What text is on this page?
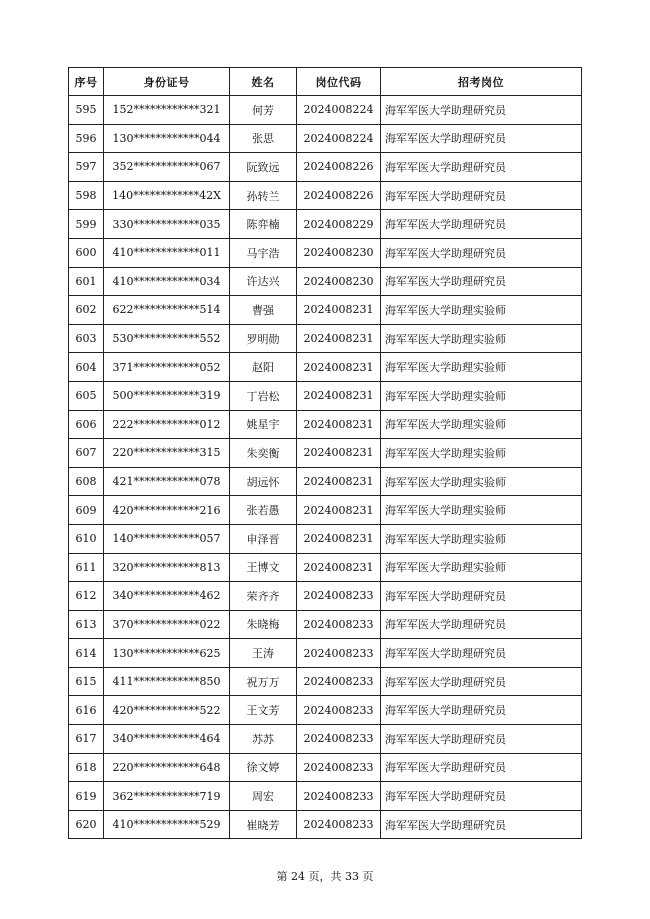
序号	身份证号	姓名	岗位代码	招考岗位
595	152************321	何芳	2024008224	海军军医大学助理研究员
596	130************044	张思	2024008224	海军军医大学助理研究员
597	352************067	阮致远	2024008226	海军军医大学助理研究员
598	140************42X	孙转兰	2024008226	海军军医大学助理研究员
599	330************035	陈弈楠	2024008229	海军军医大学助理研究员
600	410************011	马宇浩	2024008230	海军军医大学助理研究员
601	410************034	许达兴	2024008230	海军军医大学助理研究员
602	622************514	曹强	2024008231	海军军医大学助理实验师
603	530************552	罗明勋	2024008231	海军军医大学助理实验师
604	371************052	赵阳	2024008231	海军军医大学助理实验师
605	500************319	丁岩松	2024008231	海军军医大学助理实验师
606	222************012	姚星宇	2024008231	海军军医大学助理实验师
607	220************315	朱奕衡	2024008231	海军军医大学助理实验师
608	421************078	胡远怀	2024008231	海军军医大学助理实验师
609	420************216	张若愚	2024008231	海军军医大学助理实验师
610	140************057	申泽晋	2024008231	海军军医大学助理实验师
611	320************813	王博文	2024008231	海军军医大学助理实验师
612	340************462	荣齐齐	2024008233	海军军医大学助理研究员
613	370************022	朱晓梅	2024008233	海军军医大学助理研究员
614	130************625	王涛	2024008233	海军军医大学助理研究员
615	411************850	祝万万	2024008233	海军军医大学助理研究员
616	420************522	王文芳	2024008233	海军军医大学助理研究员
617	340************464	苏苏	2024008233	海军军医大学助理研究员
618	220************648	徐文婷	2024008233	海军军医大学助理研究员
619	362************719	周宏	2024008233	海军军医大学助理研究员
620	410************529	崔晓芳	2024008233	海军军医大学助理研究员
第 24 页，共 33 页
